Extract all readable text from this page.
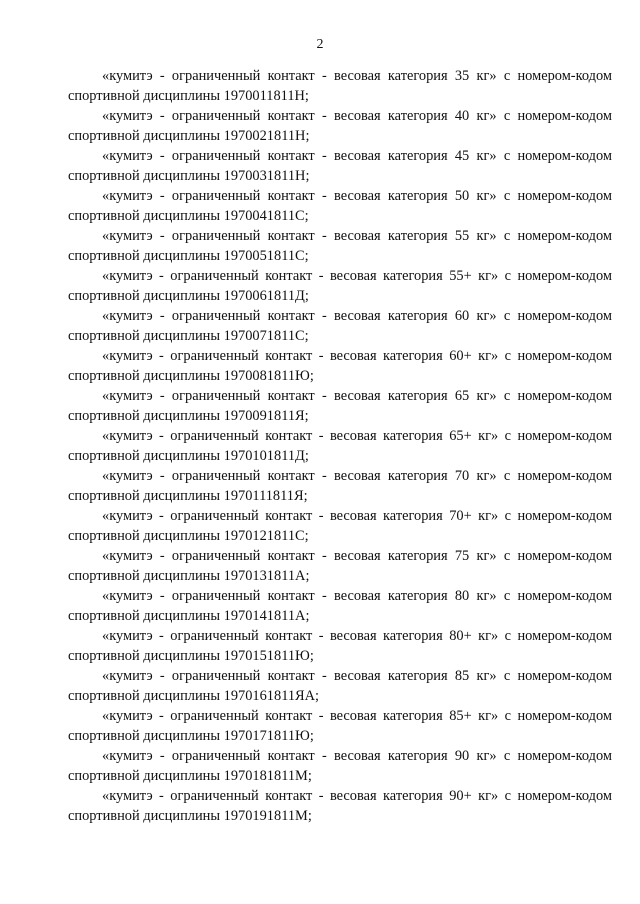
2

«кумитэ - ограниченный контакт - весовая категория 35 кг» с номером-кодом
спортивной дисциплины 1970011811Н;

«кумитэ - ограниченный контакт - весовая категория 40 кг» с номером-кодом
спортивной дисциплины 1970021811Н;

«кумитэ - ограниченный контакт - весовая категория 45 кг» с номером-кодом
спортивной дисциплины 1970031811Н;

«кумитэ - ограниченный контакт - весовая категория 50 кг» с номером-кодом
спортивной дисциплины 1970041811С;

«кумитэ - ограниченный контакт - весовая категория 55 кг» с номером-кодом
спортивной дисциплины 1970051811С;

«кумитэ - ограниченный контакт - весовая категория 55+ кг» с номером-кодом
спортивной дисциплины 1970061811Д;

«кумитэ - ограниченный контакт - весовая категория 60 кг» с номером-кодом
спортивной дисциплины 1970071811С;

«кумитэ - ограниченный контакт - весовая категория 60+ кг» с номером-кодом
спортивной дисциплины 1970081811Ю;

«кумитэ - ограниченный контакт - весовая категория 65 кг» с номером-кодом
спортивной дисциплины 1970091811Я;

«кумитэ - ограниченный контакт - весовая категория 65+ кг» с номером-кодом
спортивной дисциплины 1970101811Д;

«кумитэ - ограниченный контакт - весовая категория 70 кг» с номером-кодом
спортивной дисциплины 1970111811Я;

«кумитэ - ограниченный контакт - весовая категория 70+ кг» с номером-кодом
спортивной дисциплины 1970121811С;

«кумитэ - ограниченный контакт - весовая категория 75 кг» с номером-кодом
спортивной дисциплины 1970131811А;

«кумитэ - ограниченный контакт - весовая категория 80 кг» с номером-кодом
спортивной дисциплины 1970141811А;

«кумитэ - ограниченный контакт - весовая категория 80+ кг» с номером-кодом
спортивной дисциплины 1970151811Ю;

«кумитэ - ограниченный контакт - весовая категория 85 кг» с номером-кодом
спортивной дисциплины 1970161811ЯА;

«кумитэ - ограниченный контакт - весовая категория 85+ кг» с номером-кодом
спортивной дисциплины 1970171811Ю;

«кумитэ - ограниченный контакт - весовая категория 90 кг» с номером-кодом
спортивной дисциплины 1970181811М;

«кумитэ - ограниченный контакт - весовая категория 90+ кг» с номером-кодом
спортивной дисциплины 1970191811М;
